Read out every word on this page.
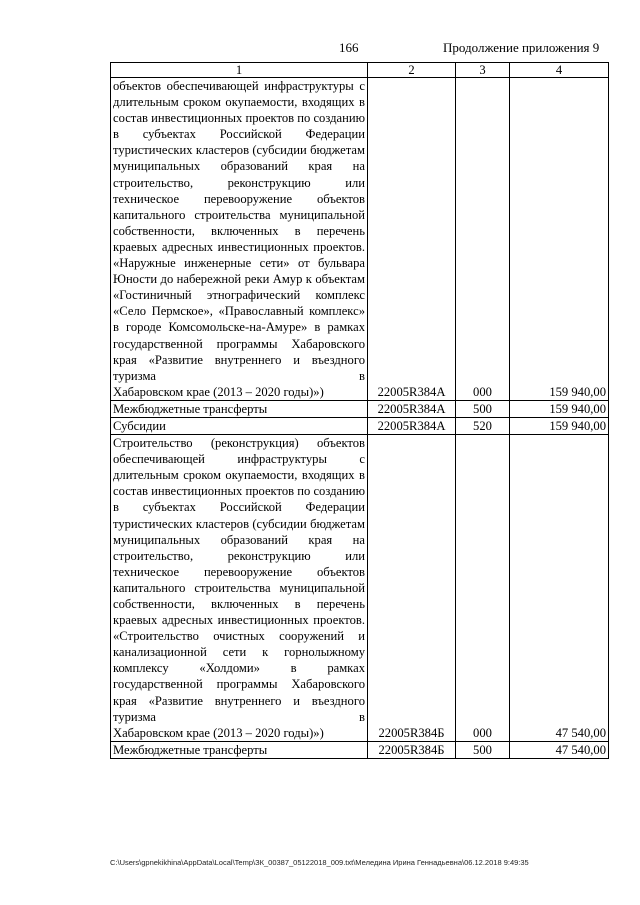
166	Продолжение приложения 9
1	2	3	4
объектов обеспечивающей инфраструктуры с длительным сроком окупаемости, входящих в состав инвестиционных проектов по созданию в субъектах Российской Федерации туристических кластеров (субсидии бюджетам муниципальных образований края на строительство, реконструкцию или техническое перевооружение объектов капитального строительства муниципальной собственности, включенных в перечень краевых адресных инвестиционных проектов. «Наружные инженерные сети» от бульвара Юности до набережной реки Амур к объектам «Гостиничный этнографический комплекс «Село Пермское», «Православный комплекс» в городе Комсомольске-на-Амуре» в рамках государственной программы Хабаровского края «Развитие внутреннего и въездного туризма в
Хабаровском крае (2013 – 2020 годы)»)	22005R384A	000	159 940,00
Межбюджетные трансферты	22005R384A	500	159 940,00
Субсидии	22005R384A	520	159 940,00
Строительство (реконструкция) объектов обеспечивающей инфраструктуры с длительным сроком окупаемости, входящих в состав инвестиционных проектов по созданию в субъектах Российской Федерации туристических кластеров (субсидии бюджетам муниципальных образований края на строительство, реконструкцию или техническое перевооружение объектов капитального строительства муниципальной собственности, включенных в перечень краевых адресных инвестиционных проектов. «Строительство очистных сооружений и канализационной сети к горнолыжному комплексу «Холдоми» в рамках государственной программы Хабаровского края «Развитие внутреннего и въездного туризма в
Хабаровском крае (2013 – 2020 годы)»)	22005R384Б	000	47 540,00
Межбюджетные трансферты	22005R384Б	500	47 540,00
C:\Users\gpnekikhina\AppData\Local\Temp\ЗК_00387_05122018_009.txt\Меледина Ирина Геннадьевна\06.12.2018 9:49:35
